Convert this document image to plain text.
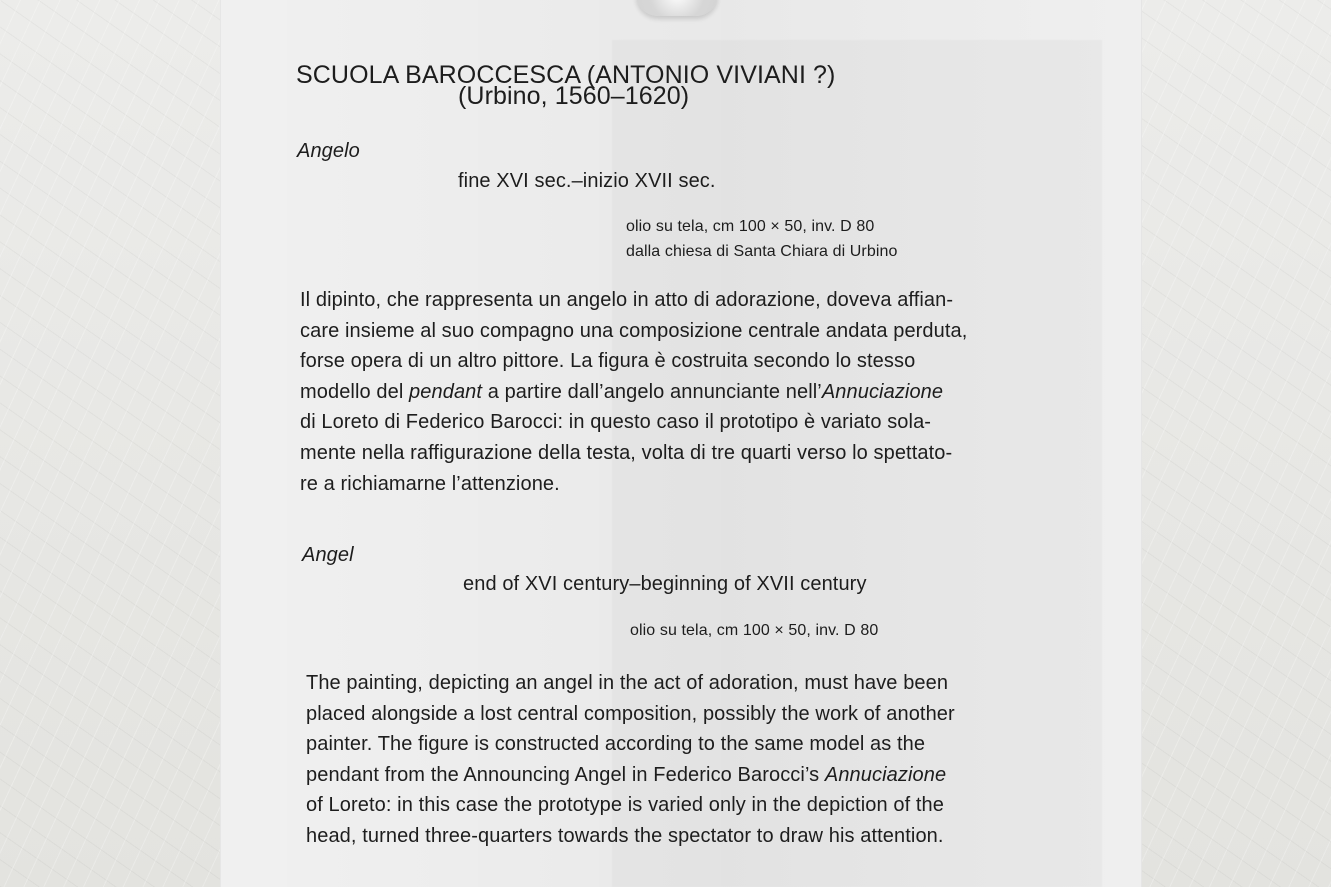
SCUOLA BAROCCESCA (ANTONIO VIVIANI ?)
(Urbino, 1560–1620)
Angelo
fine XVI sec.–inizio XVII sec.
olio su tela, cm 100 × 50, inv. D 80
dalla chiesa di Santa Chiara di Urbino
Il dipinto, che rappresenta un angelo in atto di adorazione, doveva affian-
care insieme al suo compagno una composizione centrale andata perduta,
forse opera di un altro pittore. La figura è costruita secondo lo stesso
modello del pendant a partire dall’angelo annunciante nell’Annuciazione
di Loreto di Federico Barocci: in questo caso il prototipo è variato sola-
mente nella raffigurazione della testa, volta di tre quarti verso lo spettato-
re a richiamarne l’attenzione.
Angel
end of XVI century–beginning of XVII century
olio su tela, cm 100 × 50, inv. D 80
The painting, depicting an angel in the act of adoration, must have been
placed alongside a lost central composition, possibly the work of another
painter. The figure is constructed according to the same model as the
pendant from the Announcing Angel in Federico Barocci’s Annuciazione
of Loreto: in this case the prototype is varied only in the depiction of the
head, turned three-quarters towards the spectator to draw his attention.
